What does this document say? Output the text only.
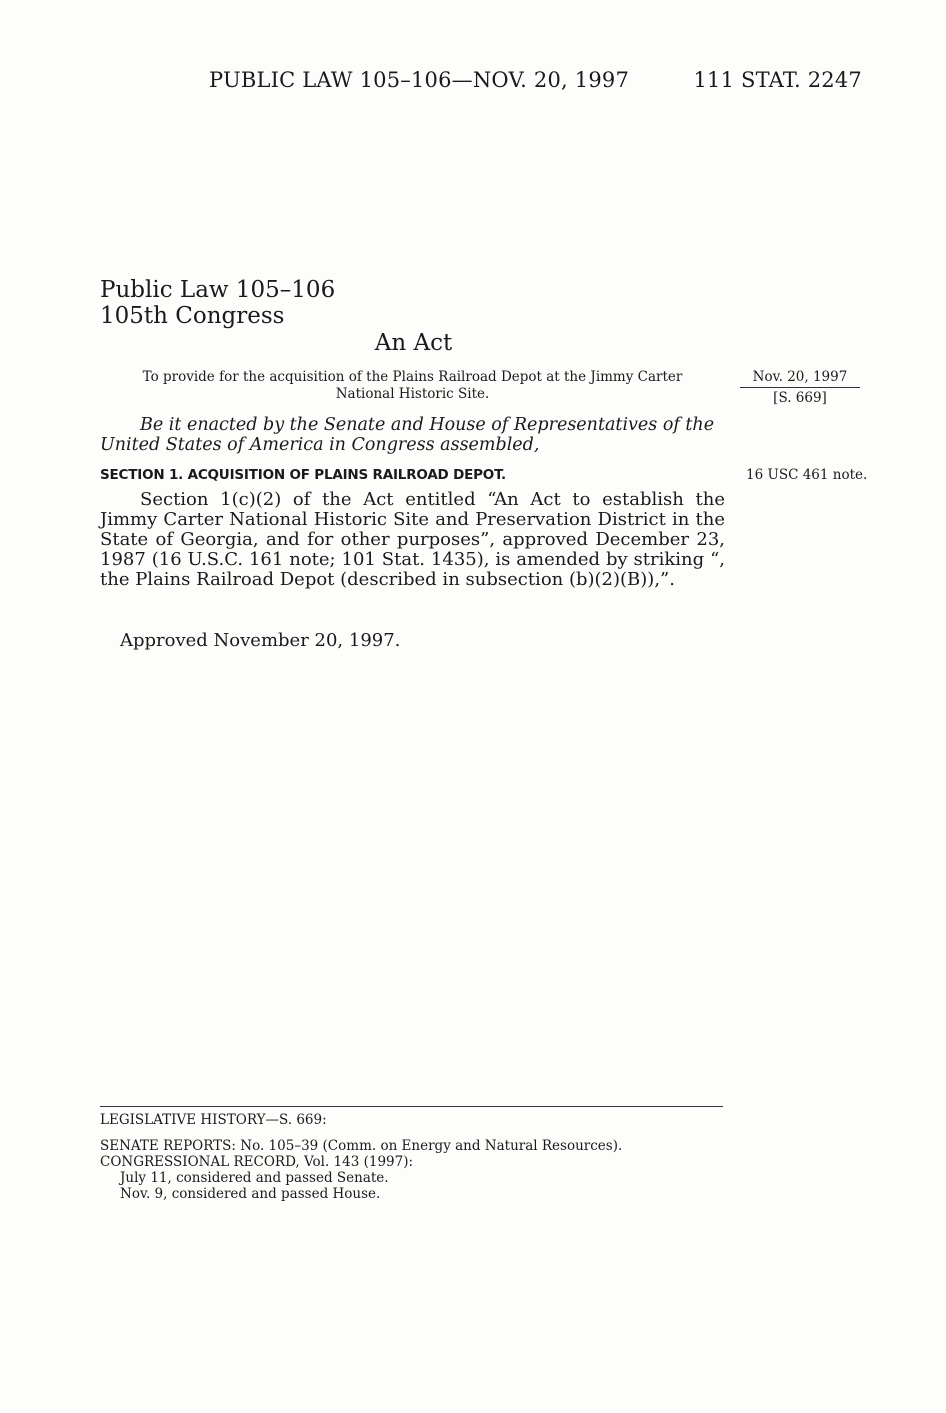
PUBLIC LAW 105–106—NOV. 20, 1997	111 STAT. 2247
Public Law 105–106
105th Congress
An Act
To provide for the acquisition of the Plains Railroad Depot at the Jimmy Carter National Historic Site.
Nov. 20, 1997
[S. 669]
Be it enacted by the Senate and House of Representatives of the United States of America in Congress assembled,
SECTION 1. ACQUISITION OF PLAINS RAILROAD DEPOT.	16 USC 461 note.
Section 1(c)(2) of the Act entitled “An Act to establish the Jimmy Carter National Historic Site and Preservation District in the State of Georgia, and for other purposes”, approved December 23, 1987 (16 U.S.C. 161 note; 101 Stat. 1435), is amended by striking “, the Plains Railroad Depot (described in subsection (b)(2)(B)),”.
Approved November 20, 1997.
LEGISLATIVE HISTORY—S. 669:
SENATE REPORTS: No. 105–39 (Comm. on Energy and Natural Resources).
CONGRESSIONAL RECORD, Vol. 143 (1997):
July 11, considered and passed Senate.
Nov. 9, considered and passed House.
